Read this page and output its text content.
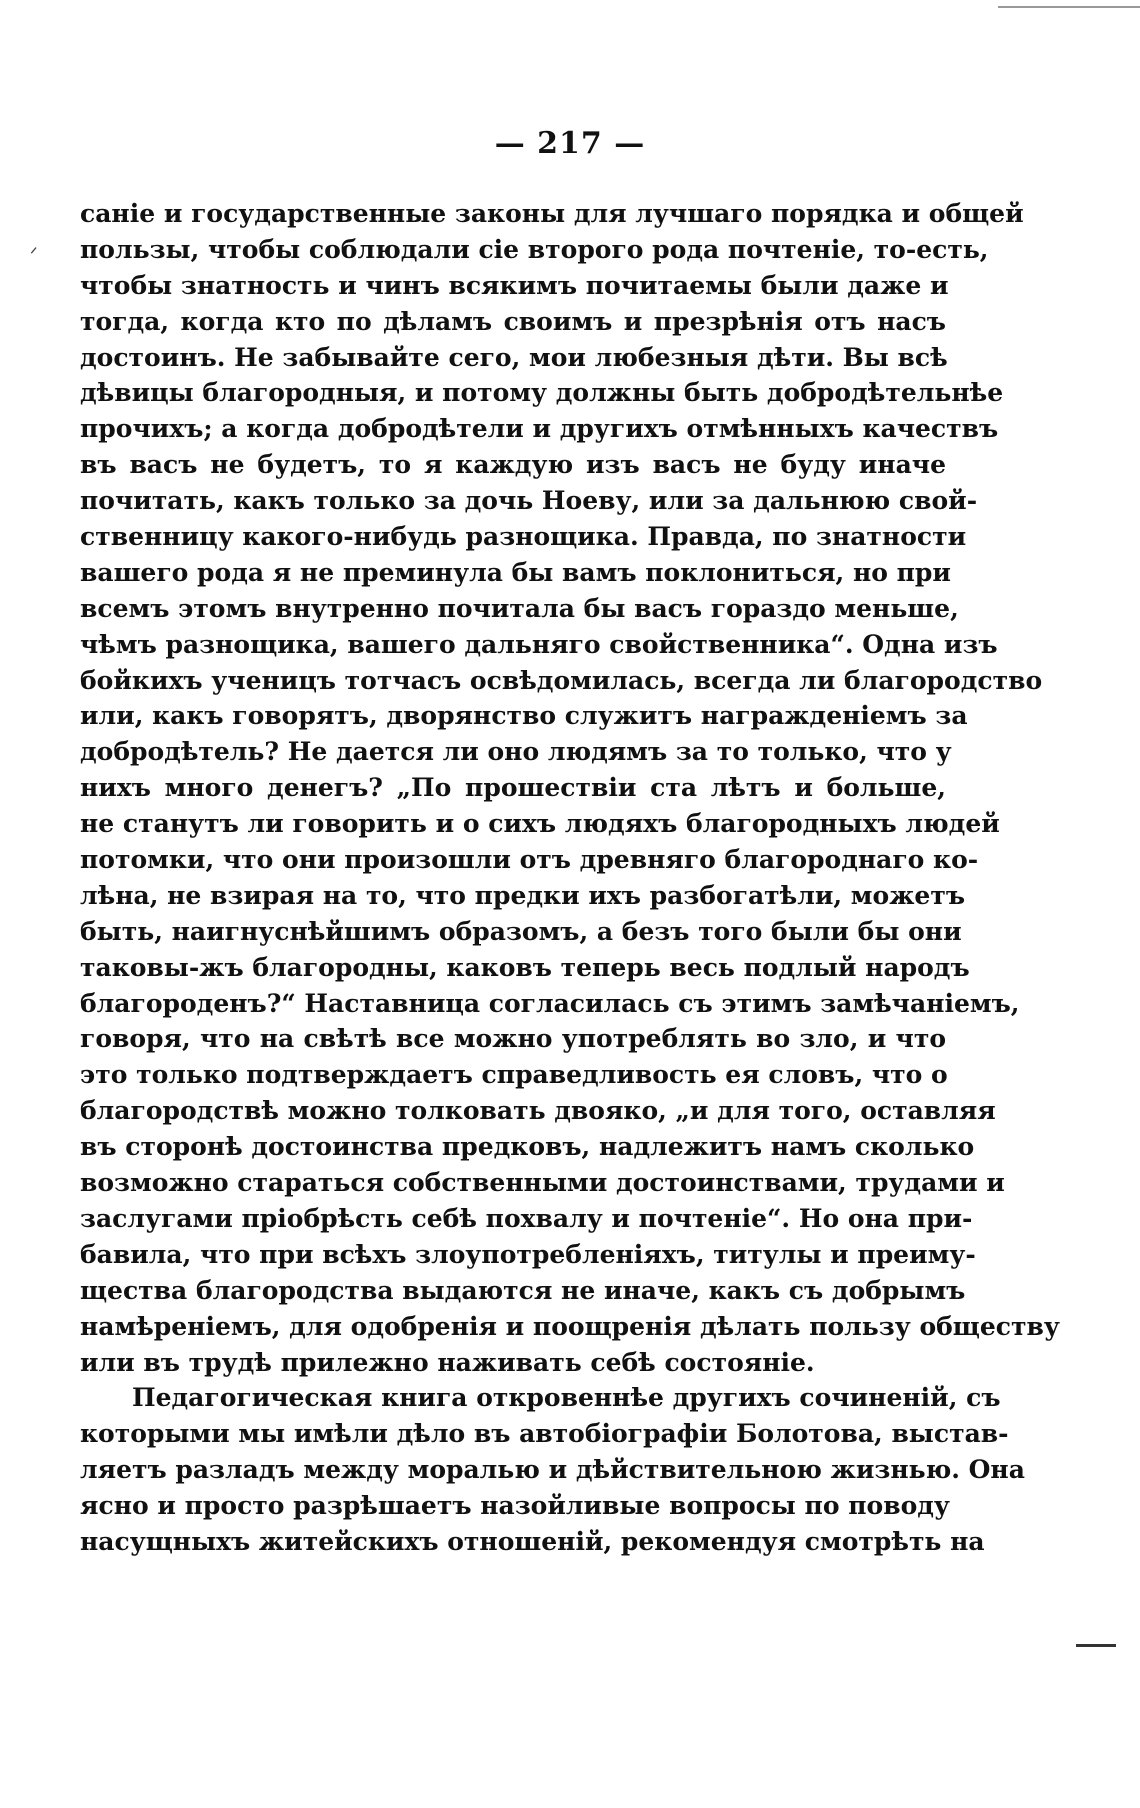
— 217 —
ᐟ
саніе и государственные законы для лучшаго порядка и общей
пользы, чтобы соблюдали сіе второго рода почтеніе, то-есть,
чтобы знатность и чинъ всякимъ почитаемы были даже и
тогда, когда кто по дѣламъ своимъ и презрѣнія отъ насъ
достоинъ. Не забывайте сего, мои любезныя дѣти. Вы всѣ
дѣвицы благородныя, и потому должны быть добродѣтельнѣе
прочихъ; а когда добродѣтели и другихъ отмѣнныхъ качествъ
въ васъ не будетъ, то я каждую изъ васъ не буду иначе
почитать, какъ только за дочь Ноеву, или за дальнюю свой-
ственницу какого-нибудь разнощика. Правда, по знатности
вашего рода я не преминула бы вамъ поклониться, но при
всемъ этомъ внутренно почитала бы васъ гораздо меньше,
чѣмъ разнощика, вашего дальняго свойственника“. Одна изъ
бойкихъ ученицъ тотчасъ освѣдомилась, всегда ли благородство
или, какъ говорятъ, дворянство служитъ награжденіемъ за
добродѣтель? Не дается ли оно людямъ за то только, что у
нихъ много денегъ? „По прошествіи ста лѣтъ и больше,
не станутъ ли говорить и о сихъ людяхъ благородныхъ людей
потомки, что они произошли отъ древняго благороднаго ко-
лѣна, не взирая на то, что предки ихъ разбогатѣли, можетъ
быть, наигнуснѣйшимъ образомъ, а безъ того были бы они
таковы-жъ благородны, каковъ теперь весь подлый народъ
благороденъ?“ Наставница согласилась съ этимъ замѣчаніемъ,
говоря, что на свѣтѣ все можно употреблять во зло, и что
это только подтверждаетъ справедливость ея словъ, что о
благородствѣ можно толковать двояко, „и для того, оставляя
въ сторонѣ достоинства предковъ, надлежитъ намъ сколько
возможно стараться собственными достоинствами, трудами и
заслугами пріобрѣсть себѣ похвалу и почтеніе“. Но она при-
бавила, что при всѣхъ злоупотребленіяхъ, титулы и преиму-
щества благородства выдаются не иначе, какъ съ добрымъ
намѣреніемъ, для одобренія и поощренія дѣлать пользу обществу
или въ трудѣ прилежно наживать себѣ состояніе.
Педагогическая книга откровеннѣе другихъ сочиненій, съ
которыми мы имѣли дѣло въ автобіографіи Болотова, выстав-
ляетъ разладъ между моралью и дѣйствительною жизнью. Она
ясно и просто разрѣшаетъ назойливые вопросы по поводу
насущныхъ житейскихъ отношеній, рекомендуя смотрѣть на
